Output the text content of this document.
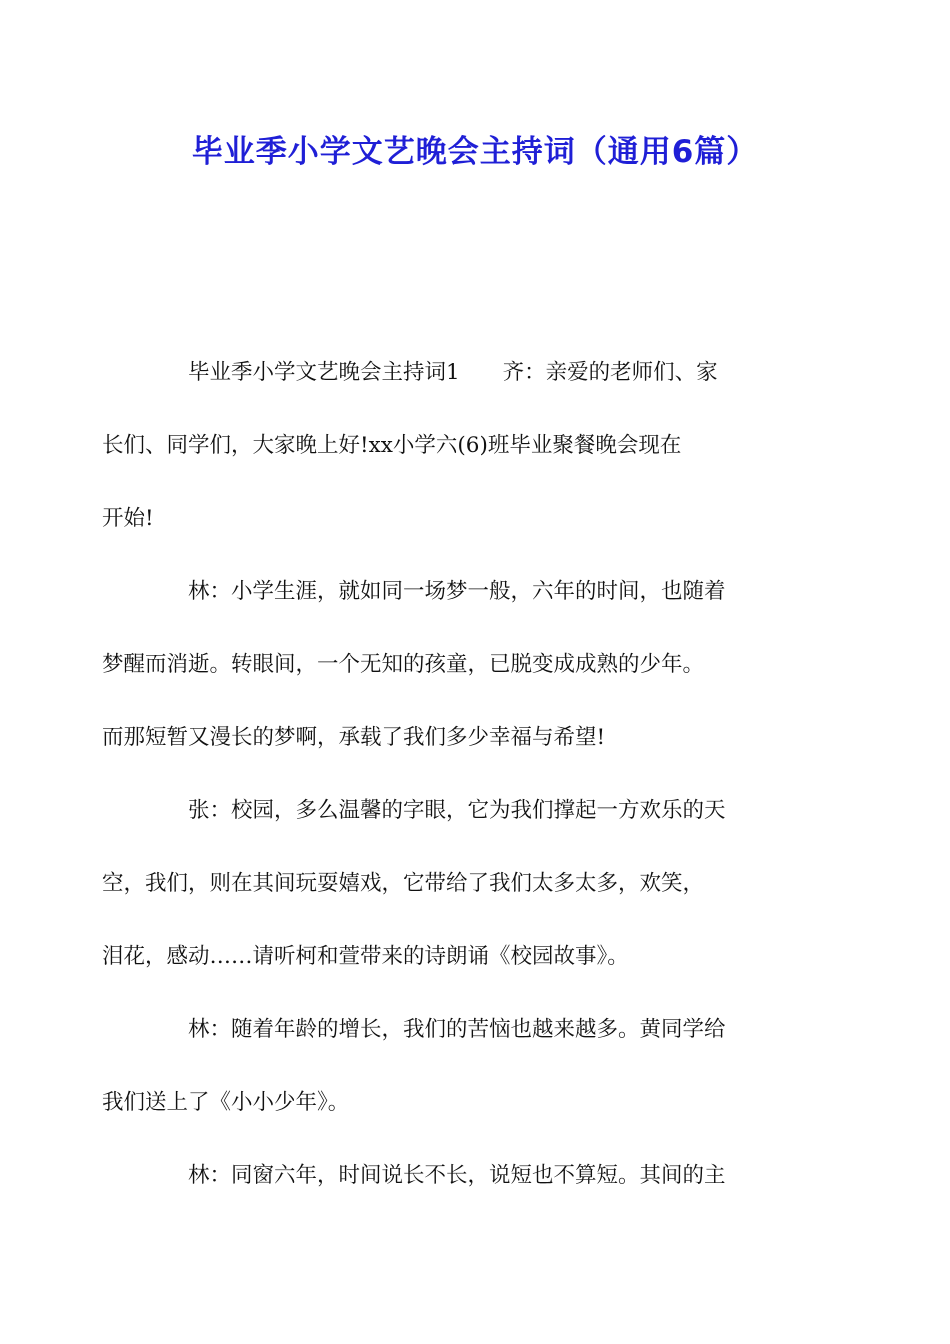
毕业季小学文艺晚会主持词（通用6篇）

毕业季小学文艺晚会主持词1　　齐：亲爱的老师们、家
长们、同学们，大家晚上好!xx小学六(6)班毕业聚餐晚会现在
开始!

林：小学生涯，就如同一场梦一般，六年的时间，也随着
梦醒而消逝。转眼间，一个无知的孩童，已脱变成成熟的少年。
而那短暂又漫长的梦啊，承载了我们多少幸福与希望!

张：校园，多么温馨的字眼，它为我们撑起一方欢乐的天
空，我们，则在其间玩耍嬉戏，它带给了我们太多太多，欢笑，
泪花，感动……请听柯和萱带来的诗朗诵《校园故事》。

林：随着年龄的增长，我们的苦恼也越来越多。黄同学给
我们送上了《小小少年》。

林：同窗六年，时间说长不长，说短也不算短。其间的主
